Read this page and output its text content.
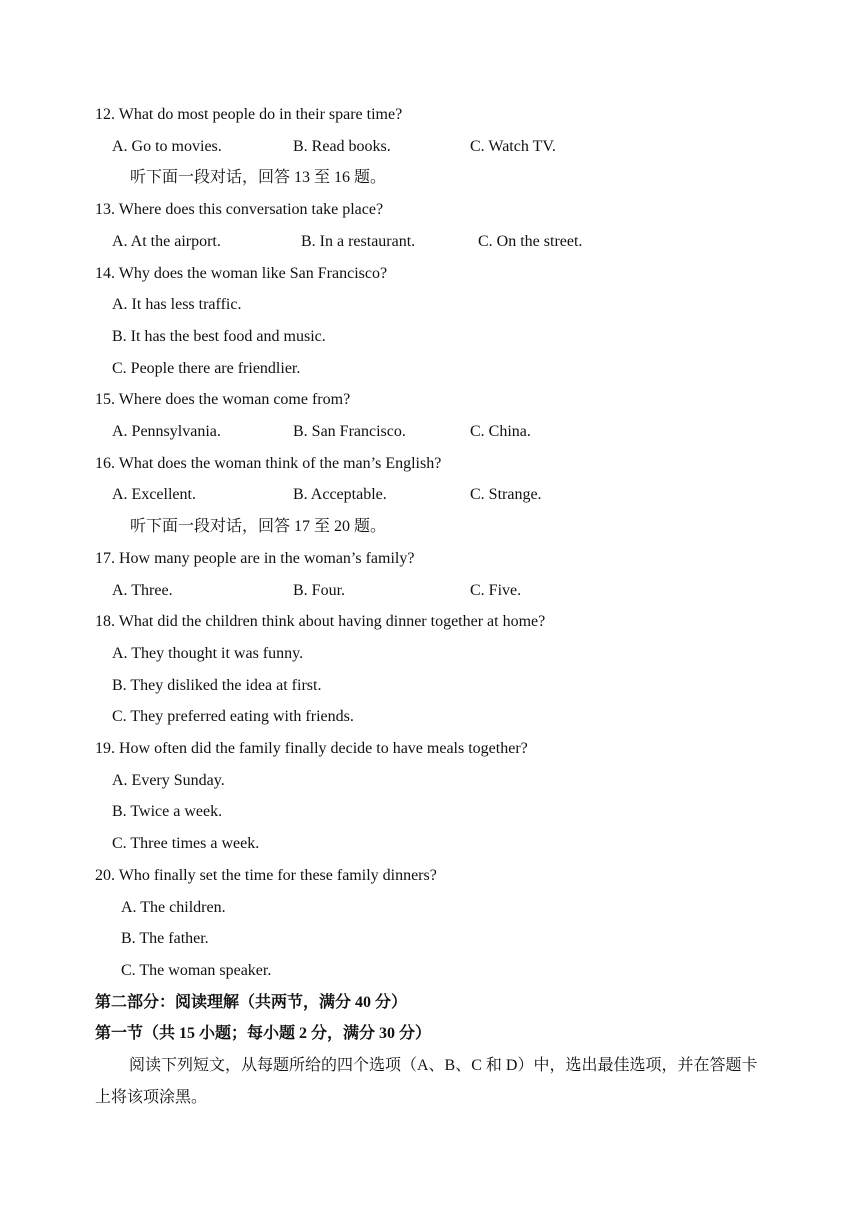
12. What do most people do in their spare time?
A. Go to movies.	B. Read books.	C. Watch TV.
听下面一段对话，回答 13 至 16 题。
13. Where does this conversation take place?
A. At the airport.	B. In a restaurant.	C. On the street.
14. Why does the woman like San Francisco?
A. It has less traffic.
B. It has the best food and music.
C. People there are friendlier.
15. Where does the woman come from?
A. Pennsylvania.	B. San Francisco.	C. China.
16. What does the woman think of the man’s English?
A. Excellent.	B. Acceptable.	C. Strange.
听下面一段对话，回答 17 至 20 题。
17. How many people are in the woman’s family?
A. Three.	B. Four.	C. Five.
18. What did the children think about having dinner together at home?
A. They thought it was funny.
B. They disliked the idea at first.
C. They preferred eating with friends.
19. How often did the family finally decide to have meals together?
A. Every Sunday.
B. Twice a week.
C. Three times a week.
20. Who finally set the time for these family dinners?
A. The children.
B. The father.
C. The woman speaker.
第二部分：阅读理解（共两节，满分 40 分）
第一节（共 15 小题；每小题 2 分，满分 30 分）
阅读下列短文，从每题所给的四个选项（A、B、C 和 D）中，选出最佳选项，并在答题卡上将该项涂黑。
